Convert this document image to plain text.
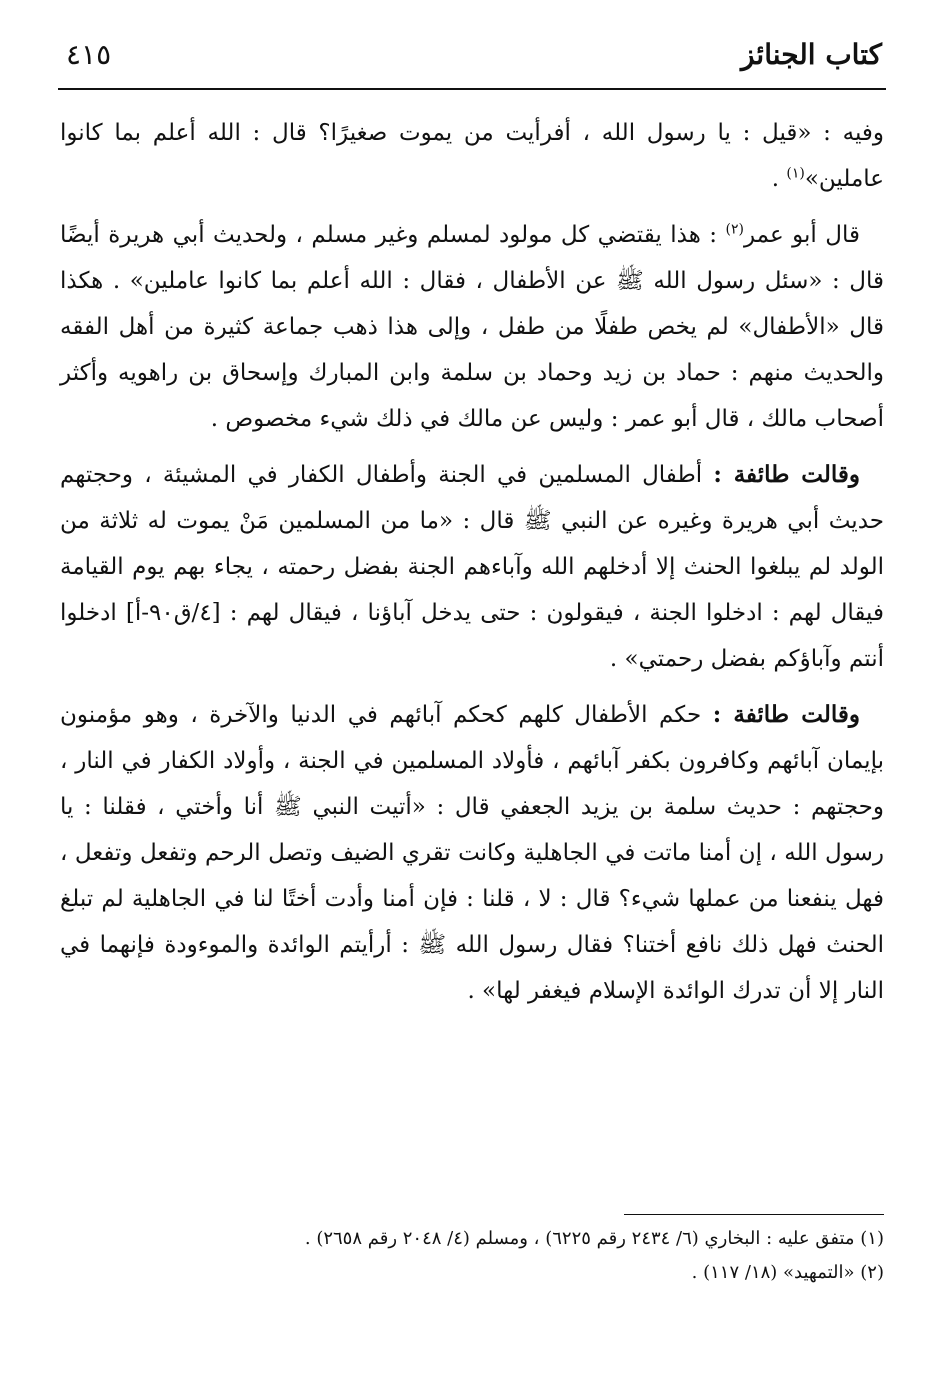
كتاب الجنائز
٤١٥

وفيه : «قيل : يا رسول الله ، أفرأيت من يموت صغيرًا؟ قال : الله أعلم بما كانوا عاملين»$^{(١)}$ .

قال أبو عمر$^{(٢)}$ : هذا يقتضي كل مولود لمسلم وغير مسلم ، ولحديث أبي هريرة أيضًا قال : «سئل رسول الله ﷺ عن الأطفال ، فقال : الله أعلم بما كانوا عاملين» . هكذا قال «الأطفال» لم يخص طفلًا من طفل ، وإلى هذا ذهب جماعة كثيرة من أهل الفقه والحديث منهم : حماد بن زيد وحماد بن سلمة وابن المبارك وإسحاق بن راهويه وأكثر أصحاب مالك ، قال أبو عمر : وليس عن مالك في ذلك شيء مخصوص .

وقالت طائفة : أطفال المسلمين في الجنة وأطفال الكفار في المشيئة ، وحجتهم حديث أبي هريرة وغيره عن النبي ﷺ قال : «ما من المسلمين مَنْ يموت له ثلاثة من الولد لم يبلغوا الحنث إلا أدخلهم الله وآباءهم الجنة بفضل رحمته ، يجاء بهم يوم القيامة فيقال لهم : ادخلوا الجنة ، فيقولون : حتى يدخل آباؤنا ، فيقال لهم : [٤/ق٩٠-أ] ادخلوا أنتم وآباؤكم بفضل رحمتي» .

وقالت طائفة : حكم الأطفال كلهم كحكم آبائهم في الدنيا والآخرة ، وهو مؤمنون بإيمان آبائهم وكافرون بكفر آبائهم ، فأولاد المسلمين في الجنة ، وأولاد الكفار في النار ، وحجتهم : حديث سلمة بن يزيد الجعفي قال : «أتيت النبي ﷺ أنا وأختي ، فقلنا : يا رسول الله ، إن أمنا ماتت في الجاهلية وكانت تقري الضيف وتصل الرحم وتفعل وتفعل ، فهل ينفعنا من عملها شيء؟ قال : لا ، قلنا : فإن أمنا وأدت أختًا لنا في الجاهلية لم تبلغ الحنث فهل ذلك نافع أختنا؟ فقال رسول الله ﷺ : أرأيتم الوائدة والموءودة فإنهما في النار إلا أن تدرك الوائدة الإسلام فيغفر لها» .

(١) متفق عليه : البخاري (٦/ ٢٤٣٤ رقم ٦٢٢٥) ، ومسلم (٤/ ٢٠٤٨ رقم ٢٦٥٨) .

(٢) «التمهيد» (١٨/ ١١٧) .
